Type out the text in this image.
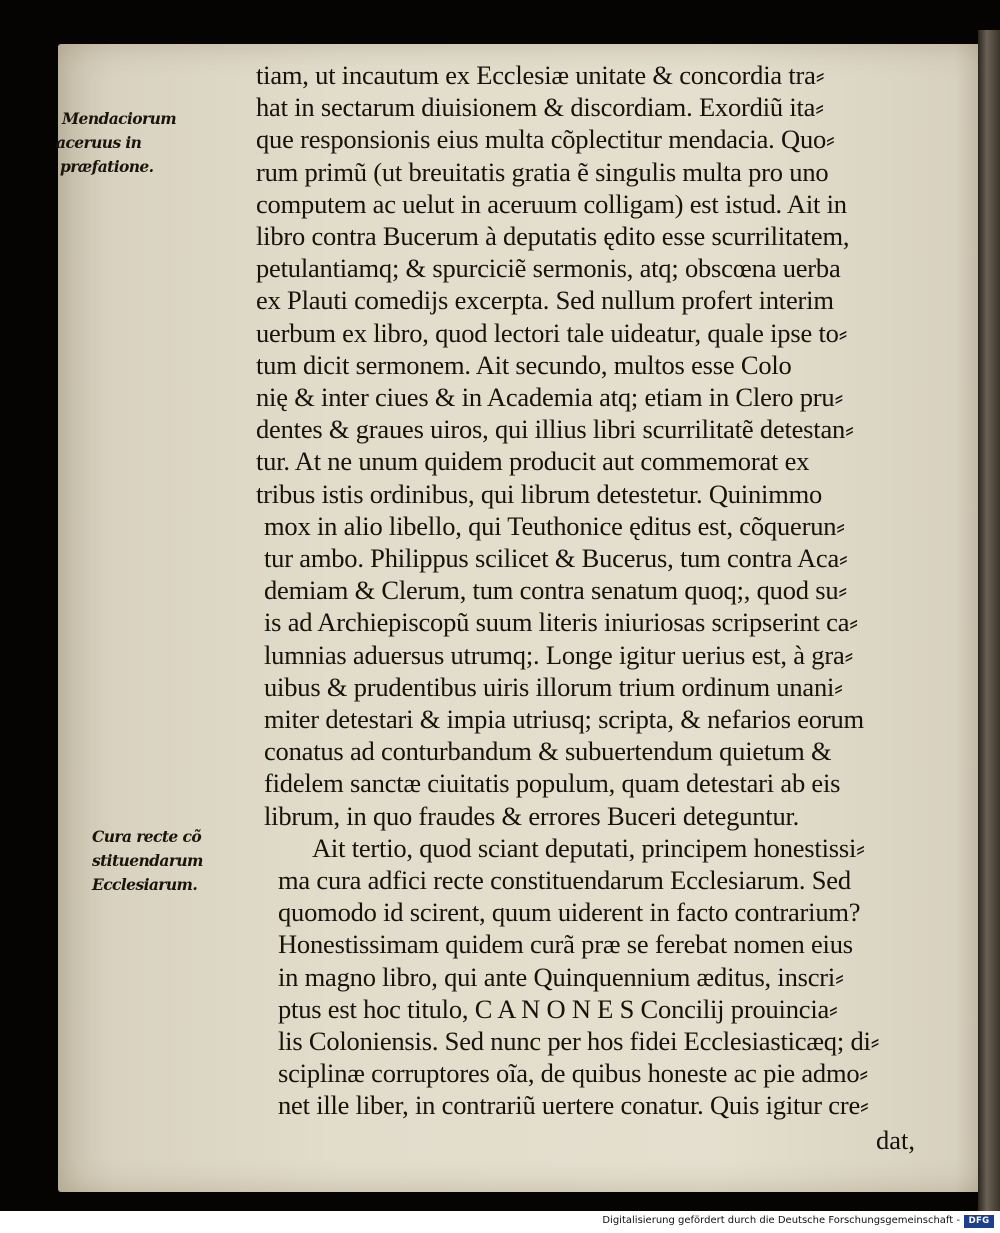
tiam, ut incautum ex Ecclesiæ unitate & concordia tra⸗
hat in sectarum diuisionem & discordiam. Exordiũ ita⸗
que responsionis eius multa cõplectitur mendacia. Quo⸗
rum primũ (ut breuitatis gratia ẽ singulis multa pro uno
computem ac uelut in aceruum colligam) est istud. Ait in
libro contra Bucerum à deputatis ędito esse scurrilitatem,
petulantiamq; & spurciciẽ sermonis, atq; obscœna uerba
ex Plauti comedijs excerpta. Sed nullum profert interim
uerbum ex libro, quod lectori tale uideatur, quale ipse to⸗
tum dicit sermonem. Ait secundo, multos esse Colo
nię & inter ciues & in Academia atq; etiam in Clero pru⸗
dentes & graues uiros, qui illius libri scurrilitatẽ detestan⸗
tur. At ne unum quidem producit aut commemorat ex
tribus istis ordinibus, qui librum detestetur. Quinimmo
mox in alio libello, qui Teuthonice ęditus est, cõquerun⸗
tur ambo. Philippus scilicet & Bucerus, tum contra Aca⸗
demiam & Clerum, tum contra senatum quoq;, quod su⸗
is ad Archiepiscopũ suum literis iniuriosas scripserint ca⸗
lumnias aduersus utrumq;. Longe igitur uerius est, à gra⸗
uibus & prudentibus uiris illorum trium ordinum unani⸗
miter detestari & impia utriusq; scripta, & nefarios eorum
conatus ad conturbandum & subuertendum quietum &
fidelem sanctæ ciuitatis populum, quam detestari ab eis
librum, in quo fraudes & errores Buceri deteguntur.
Ait tertio, quod sciant deputati, principem honestissi⸗
ma cura adfici recte constituendarum Ecclesiarum. Sed
quomodo id scirent, quum uiderent in facto contrarium?
Honestissimam quidem curã præ se ferebat nomen eius
in magno libro, qui ante Quinquennium æditus, inscri⸗
ptus est hoc titulo, C A N O N E S Concilij prouincia⸗
lis Coloniensis. Sed nunc per hos fidei Ecclesiasticæq; di⸗
sciplinæ corruptores oĩa, de quibus honeste ac pie admo⸗
net ille liber, in contrariũ uertere conatur. Quis igitur cre⸗
Mendaciorum
aceruus in
præfatione.
Cura recte cõ
stituendarum
Ecclesiarum.
dat,
Digitalisierung gefördert durch die Deutsche Forschungsgemeinschaft -	DFG
